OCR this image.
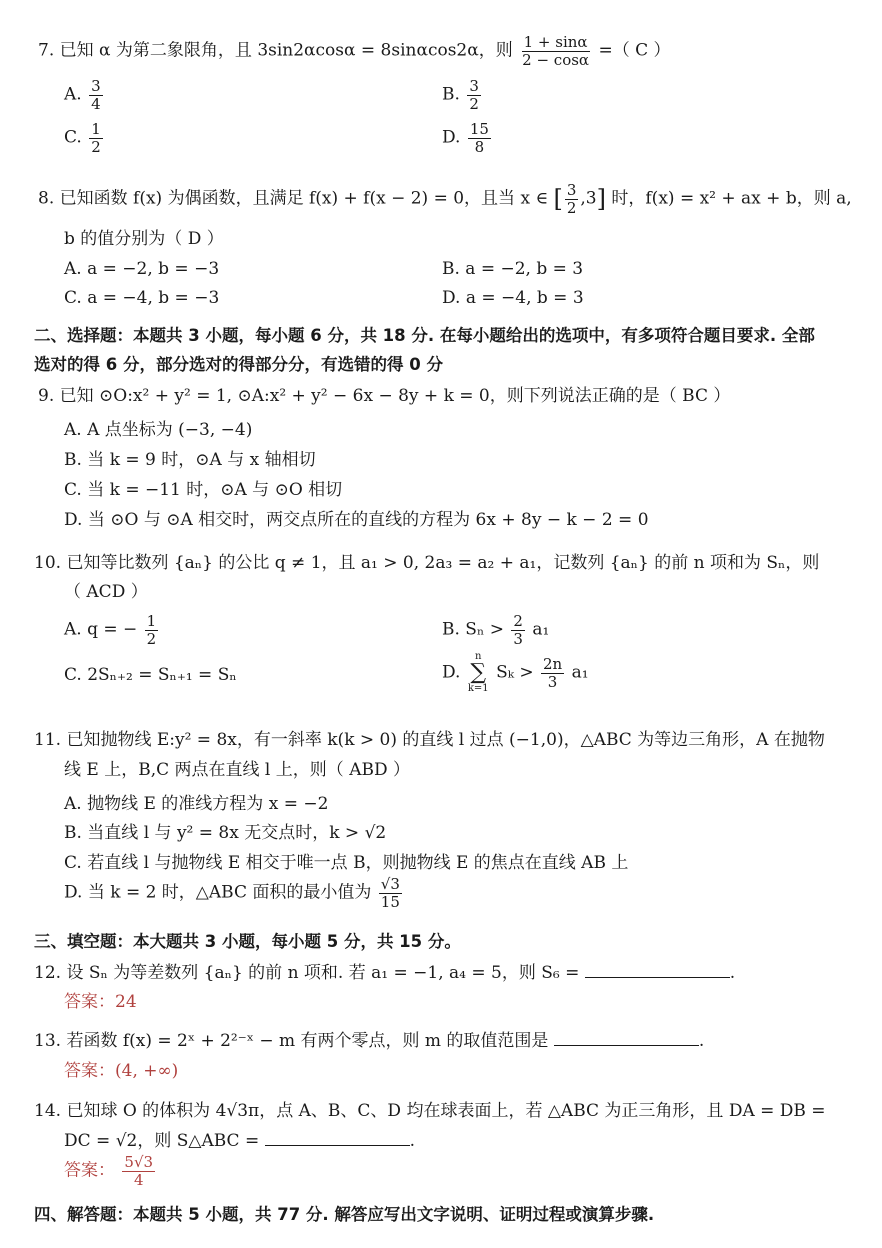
7. 已知 α 为第二象限角，且 3sin2αcosα = 8sinαcos2α，则 $\frac{1 + \sin\alpha}{2 - \cos\alpha}$ =（ C ）
A. $\frac{3}{4}$	B. $\frac{3}{2}$
C. $\frac{1}{2}$	D. $\frac{15}{8}$
8. 已知函数 f(x) 为偶函数，且满足 f(x) + f(x − 2) = 0，且当 x ∈ [ $\frac{3}{2} ,3$] 时，f(x) = x² + ax + b，则 a,
b 的值分别为（ D ）
A. a = −2, b = −3	B. a = −2, b = 3
C. a = −4, b = −3	D. a = −4, b = 3
二、选择题：本题共 3 小题，每小题 6 分，共 18 分. 在每小题给出的选项中，有多项符合题目要求. 全部
选对的得 6 分，部分选对的得部分分，有选错的得 0 分
9. 已知 ⊙O:x² + y² = 1, ⊙A:x² + y² − 6x − 8y + k = 0，则下列说法正确的是（ BC ）
A. A 点坐标为 (−3, −4)
B. 当 k = 9 时，⊙A 与 x 轴相切
C. 当 k = −11 时，⊙A 与 ⊙O 相切
D. 当 ⊙O 与 ⊙A 相交时，两交点所在的直线的方程为 6x + 8y − k − 2 = 0
10. 已知等比数列 {aₙ} 的公比 q ≠ 1，且 a₁ > 0, 2a₃ = a₂ + a₁，记数列 {aₙ} 的前 n 项和为 Sₙ，则
（ ACD ）
A. q = − $\frac{1}{2}$	B. $S_n > \frac{2}{3} a_1$
C. 2Sₙ₊₂ = Sₙ₊₁ = Sₙ	D.
n
∑
k=1
$S_k > \frac{2n}{3} a_1$
11. 已知抛物线 E:y² = 8x，有一斜率 k(k > 0) 的直线 l 过点 (−1,0)，△ABC 为等边三角形，A 在抛物
线 E 上，B,C 两点在直线 l 上，则（ ABD ）
A. 抛物线 E 的准线方程为 x = −2
B. 当直线 l 与 y² = 8x 无交点时，k > √2
C. 若直线 l 与抛物线 E 相交于唯一点 B，则抛物线 E 的焦点在直线 AB 上
D. 当 k = 2 时，△ABC 面积的最小值为 $\frac{√3}{15}$
三、填空题：本大题共 3 小题，每小题 5 分，共 15 分。
12. 设 Sₙ 为等差数列 {aₙ} 的前 n 项和. 若 a₁ = −1, a₄ = 5，则 S₆ =	.
答案：24
13. 若函数 f(x) = 2ˣ + 2²⁻ˣ − m 有两个零点，则 m 的取值范围是	.
答案：(4, +∞)
14. 已知球 O 的体积为 4√3π，点 A、B、C、D 均在球表面上，若 △ABC 为正三角形，且 DA = DB =
DC = √2，则 S△ABC =	.
答案： $\frac{5√3}{4}$
四、解答题：本题共 5 小题，共 77 分. 解答应写出文字说明、证明过程或演算步骤.
